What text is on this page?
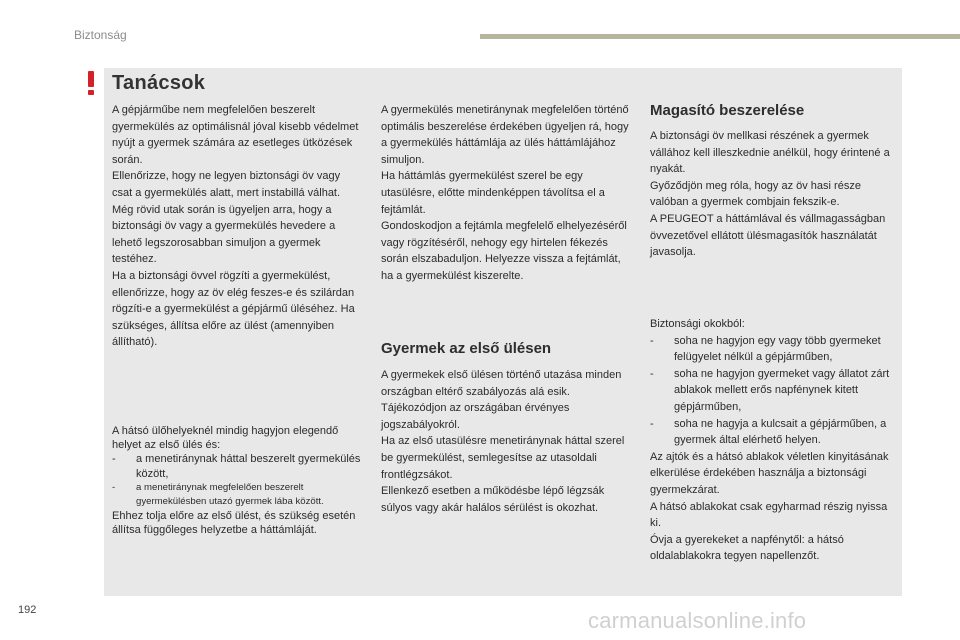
Biztonság
Tanácsok

A gépjárműbe nem megfelelően beszerelt gyermekülés az optimálisnál jóval kisebb védelmet nyújt a gyermek számára az esetleges ütközések során.

Ellenőrizze, hogy ne legyen biztonsági öv vagy csat a gyermekülés alatt, mert instabillá válhat.

Még rövid utak során is ügyeljen arra, hogy a biztonsági öv vagy a gyermekülés hevedere a lehető legszorosabban simuljon a gyermek testéhez.

Ha a biztonsági övvel rögzíti a gyermekülést, ellenőrizze, hogy az öv elég feszes-e és szilárdan rögzíti-e a gyermekülést a gépjármű üléséhez. Ha szükséges, állítsa előre az ülést (amennyiben állítható).

A hátsó ülőhelyeknél mindig hagyjon elegendő helyet az első ülés és:

- a menetiránynak háttal beszerelt gyermekülés között,
- a menetiránynak megfelelően beszerelt gyermekülésben utazó gyermek lába között.

Ehhez tolja előre az első ülést, és szükség esetén állítsa függőleges helyzetbe a háttámláját.

A gyermekülés menetiránynak megfelelően történő optimális beszerelése érdekében ügyeljen rá, hogy a gyermekülés háttámlája az ülés háttámlájához simuljon.

Ha háttámlás gyermekülést szerel be egy utasülésre, előtte mindenképpen távolítsa el a fejtámlát.

Gondoskodjon a fejtámla megfelelő elhelyezéséről vagy rögzítéséről, nehogy egy hirtelen fékezés során elszabaduljon. Helyezze vissza a fejtámlát, ha a gyermekülést kiszerelte.

Gyermek az első ülésen

A gyermekek első ülésen történő utazása minden országban eltérő szabályozás alá esik. Tájékozódjon az országában érvényes jogszabályokról.

Ha az első utasülésre menetiránynak háttal szerel be gyermekülést, semlegesítse az utasoldali frontlégzsákot.

Ellenkező esetben a működésbe lépő légzsák súlyos vagy akár halálos sérülést is okozhat.

Magasító beszerelése

A biztonsági öv mellkasi részének a gyermek vállához kell illeszkednie anélkül, hogy érintené a nyakát.

Győződjön meg róla, hogy az öv hasi része valóban a gyermek combjain fekszik-e.

A PEUGEOT a háttámlával és vállmagasságban övvezetővel ellátott ülésmagasítók használatát javasolja.

Biztonsági okokból:

- soha ne hagyjon egy vagy több gyermeket felügyelet nélkül a gépjárműben,
- soha ne hagyjon gyermeket vagy állatot zárt ablakok mellett erős napfénynek kitett gépjárműben,
- soha ne hagyja a kulcsait a gépjárműben, a gyermek által elérhető helyen.

Az ajtók és a hátsó ablakok véletlen kinyitásának elkerülése érdekében használja a biztonsági gyermekzárat.

A hátsó ablakokat csak egyharmad részig nyissa ki.

Óvja a gyerekeket a napfénytől: a hátsó oldalablakokra tegyen napellenzőt.

192	carmanualsonline.info
